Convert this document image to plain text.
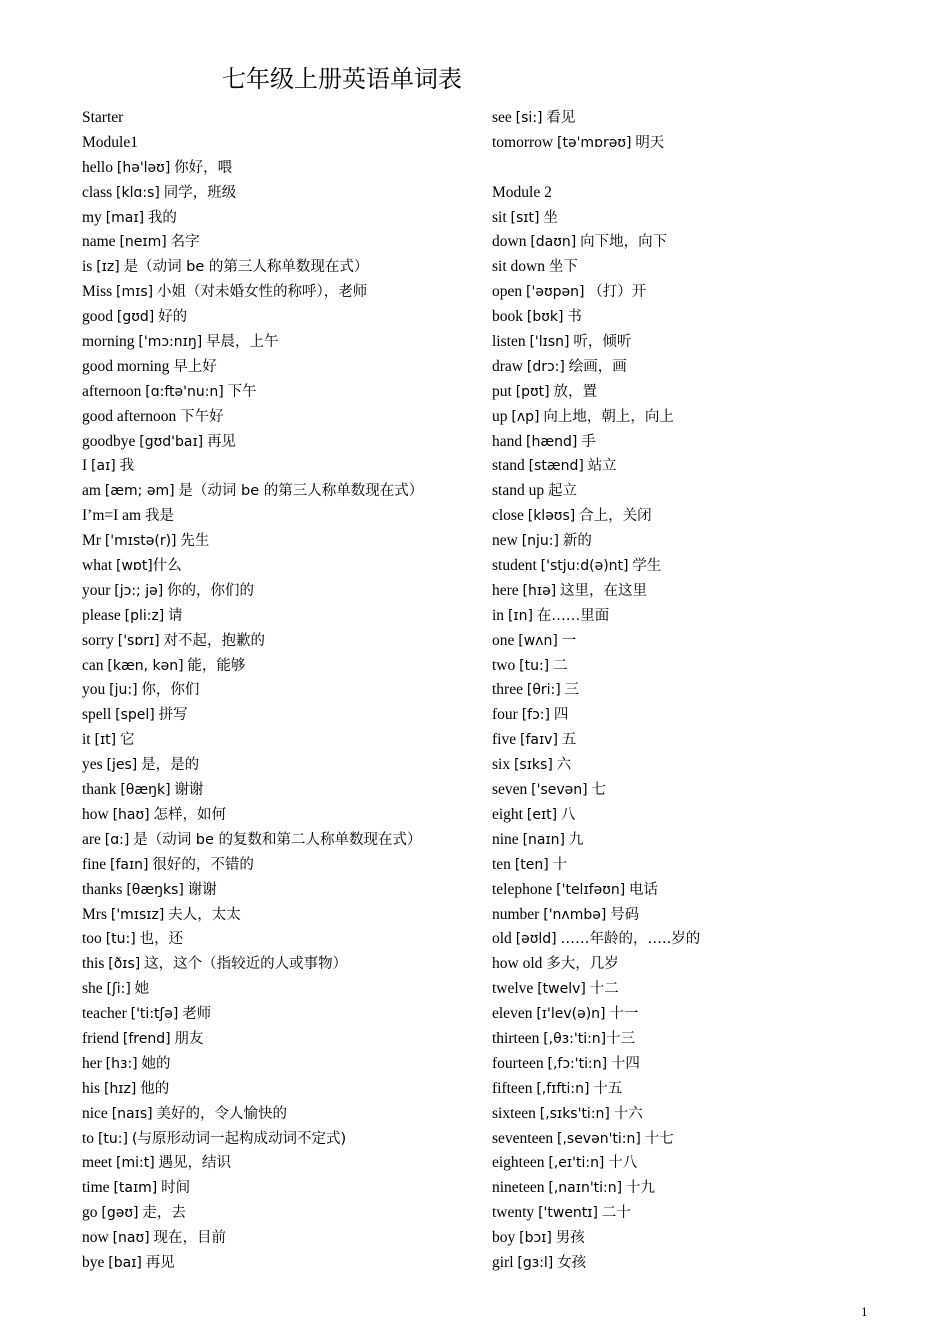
七年级上册英语单词表
Starter
Module1
hello [hə'ləʊ] 你好，喂
class [klɑ:s] 同学，班级
my [maɪ] 我的
name [neɪm] 名字
is [ɪz] 是（动词 be 的第三人称单数现在式）
Miss [mɪs] 小姐（对未婚女性的称呼），老师
good [gʊd] 好的
morning ['mɔ:nɪŋ] 早晨，上午
good morning 早上好
afternoon [ɑ:ftə'nu:n] 下午
good afternoon 下午好
goodbye [gʊd'baɪ] 再见
I [aɪ] 我
am [æm; əm] 是（动词 be 的第三人称单数现在式）
I’m=I am 我是
Mr ['mɪstə(r)] 先生
what [wɒt]什么
your [jɔ:; jə] 你的，你们的
please [pli:z] 请
sorry ['sɒrɪ] 对不起，抱歉的
can [kæn, kən] 能，能够
you [ju:] 你，你们
spell [spel] 拼写
it [ɪt] 它
yes [jes] 是，是的
thank [θæŋk] 谢谢
how [haʊ] 怎样，如何
are [ɑ:] 是（动词 be 的复数和第二人称单数现在式）
fine [faɪn] 很好的，不错的
thanks [θæŋks] 谢谢
Mrs ['mɪsɪz] 夫人，太太
too [tu:] 也，还
this [ðɪs] 这，这个（指较近的人或事物）
she [ʃi:] 她
teacher ['ti:tʃə] 老师
friend [frend] 朋友
her [hɜ:] 她的
his [hɪz] 他的
nice [naɪs] 美好的，令人愉快的
to [tu:] (与原形动词一起构成动词不定式)
meet [mi:t] 遇见，结识
time [taɪm] 时间
go [gəʊ] 走，去
now [naʊ] 现在，目前
bye [baɪ] 再见
see [si:] 看见
tomorrow [tə'mɒrəʊ] 明天
Module 2
sit [sɪt] 坐
down [daʊn] 向下地，向下
sit down 坐下
open ['əʊpən] （打）开
book [bʊk] 书
listen ['lɪsn] 听，倾听
draw [drɔ:] 绘画，画
put [pʊt] 放，置
up [ʌp] 向上地，朝上，向上
hand [hænd] 手
stand [stænd] 站立
stand up 起立
close [kləʊs] 合上，关闭
new [nju:] 新的
student ['stju:d(ə)nt] 学生
here [hɪə] 这里，在这里
in [ɪn] 在……里面
one [wʌn] 一
two [tu:] 二
three [θri:] 三
four [fɔ:] 四
five [faɪv] 五
six [sɪks] 六
seven ['sevən] 七
eight [eɪt] 八
nine [naɪn] 九
ten [ten] 十
telephone ['telɪfəʊn] 电话
number ['nʌmbə] 号码
old [əʊld] ……年龄的，…..岁的
how old 多大，几岁
twelve [twelv] 十二
eleven [ɪ'lev(ə)n] 十一
thirteen [,θɜ:'ti:n]十三
fourteen [,fɔ:'ti:n] 十四
fifteen [,fɪfti:n] 十五
sixteen [,sɪks'ti:n] 十六
seventeen [,sevən'ti:n] 十七
eighteen [,eɪ'ti:n] 十八
nineteen [,naɪn'ti:n] 十九
twenty ['twentɪ] 二十
boy [bɔɪ] 男孩
girl [gɜ:l] 女孩
1
